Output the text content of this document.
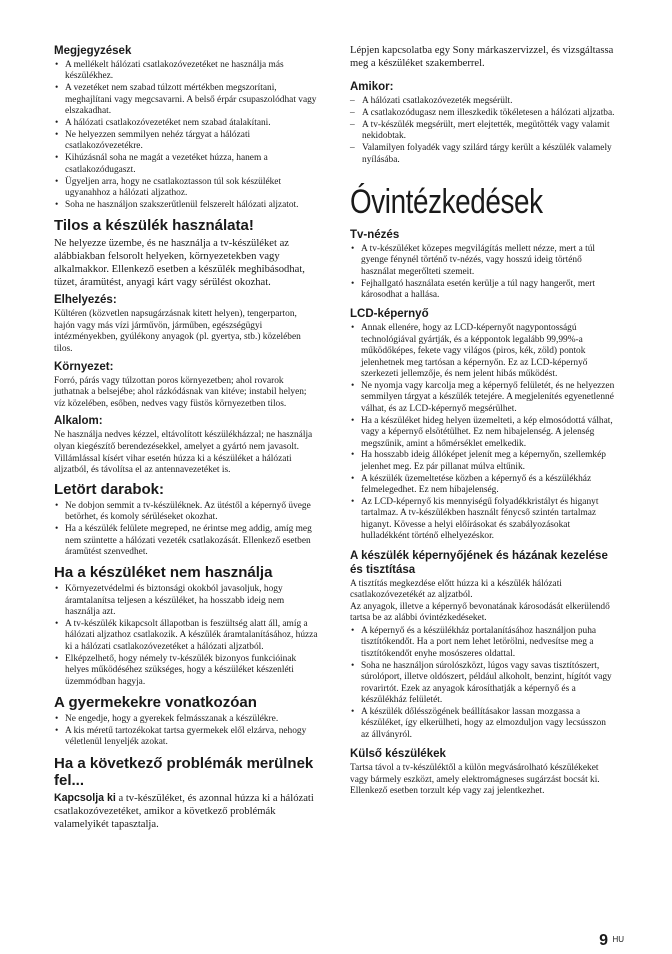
Megjegyzések
• A mellékelt hálózati csatlakozóvezetéket ne használja más készülékhez.
• A vezetéket nem szabad túlzott mértékben megszorítani, meghajlítani vagy megcsavarni. A belső érpár csupaszolódhat vagy elszakadhat.
• A hálózati csatlakozóvezetéket nem szabad átalakítani.
• Ne helyezzen semmilyen nehéz tárgyat a hálózati csatlakozóvezetékre.
• Kihúzásnál soha ne magát a vezetéket húzza, hanem a csatlakozódugaszt.
• Ügyeljen arra, hogy ne csatlakoztasson túl sok készüléket ugyanahhoz a hálózati aljzathoz.
• Soha ne használjon szakszerűtlenül felszerelt hálózati aljzatot.
Tilos a készülék használata!

Ne helyezze üzembe, és ne használja a tv-készüléket az alábbiakban felsorolt helyeken, környezetekben vagy alkalmakkor. Ellenkező esetben a készülék meghibásodhat, tüzet, áramütést, anyagi kárt vagy sérülést okozhat.

Elhelyezés:

Kültéren (közvetlen napsugárzásnak kitett helyen), tengerparton, hajón vagy más vízi járművön, járműben, egészségügyi intézményekben, gyúlékony anyagok (pl. gyertya, stb.) közelében tilos.

Környezet:

Forró, párás vagy túlzottan poros környezetben; ahol rovarok juthatnak a belsejébe; ahol rázkódásnak van kitéve; instabil helyen; víz közelében, esőben, nedves vagy füstös környezetben tilos.

Alkalom:

Ne használja nedves kézzel, eltávolított készülékházzal; ne használja olyan kiegészítő berendezésekkel, amelyet a gyártó nem javasolt. Villámlással kísért vihar esetén húzza ki a készüléket a hálózati aljzatból, és távolítsa el az antennavezetéket is.

Letört darabok:
• Ne dobjon semmit a tv-készüléknek. Az ütéstől a képernyő üvege betörhet, és komoly sérüléseket okozhat.
• Ha a készülék felülete megreped, ne érintse meg addig, amíg meg nem szüntette a hálózati vezeték csatlakozását. Ellenkező esetben áramütést szenvedhet.
Ha a készüléket nem használja
• Környezetvédelmi és biztonsági okokból javasoljuk, hogy áramtalanítsa teljesen a készüléket, ha hosszabb ideig nem használja azt.
• A tv-készülék kikapcsolt állapotban is feszültség alatt áll, amíg a hálózati aljzathoz csatlakozik. A készülék áramtalanításához, húzza ki a hálózati csatlakozóvezetéket a hálózati aljzatból.
• Elképzelhető, hogy némely tv-készülék bizonyos funkcióinak helyes működéséhez szükséges, hogy a készüléket készenléti üzemmódban hagyja.
A gyermekekre vonatkozóan
• Ne engedje, hogy a gyerekek felmásszanak a készülékre.
• A kis méretű tartozékokat tartsa gyermekek elől elzárva, nehogy véletlenül lenyeljék azokat.
Ha a következő problémák merülnek fel...

Kapcsolja ki a tv-készüléket, és azonnal húzza ki a hálózati csatlakozóvezetéket, amikor a következő problémák valamelyikét tapasztalja.

Lépjen kapcsolatba egy Sony márkaszervizzel, és vizsgáltassa meg a készüléket szakemberrel.

Amikor:
– A hálózati csatlakozóvezeték megsérült.
– A csatlakozódugasz nem illeszkedik tökéletesen a hálózati aljzatba.
– A tv-készülék megsérült, mert elejtették, megütötték vagy valamit nekidobtak.
– Valamilyen folyadék vagy szilárd tárgy került a készülék valamely nyílásába.
Óvintézkedések
Tv-nézés
• A tv-készüléket közepes megvilágítás mellett nézze, mert a túl gyenge fénynél történő tv-nézés, vagy hosszú ideig történő használat megerőlteti szemeit.
• Fejhallgató használata esetén kerülje a túl nagy hangerőt, mert károsodhat a hallása.
LCD-képernyő
• Annak ellenére, hogy az LCD-képernyőt nagypontosságú technológiával gyártják, és a képpontok legalább 99,99%-a működőképes, fekete vagy világos (piros, kék, zöld) pontok jelenhetnek meg tartósan a képernyőn. Ez az LCD-képernyő szerkezeti jellemzője, és nem jelent hibás működést.
• Ne nyomja vagy karcolja meg a képernyő felületét, és ne helyezzen semmilyen tárgyat a készülék tetejére. A megjelenítés egyenetlenné válhat, és az LCD-képernyő megsérülhet.
• Ha a készüléket hideg helyen üzemelteti, a kép elmosódottá válhat, vagy a képernyő elsötétülhet. Ez nem hibajelenség. A jelenség megszűnik, amint a hőmérséklet emelkedik.
• Ha hosszabb ideig állóképet jelenít meg a képernyőn, szellemkép jelenhet meg. Ez pár pillanat múlva eltűnik.
• A készülék üzemeltetése közben a képernyő és a készülékház felmelegedhet. Ez nem hibajelenség.
• Az LCD-képernyő kis mennyiségű folyadékkristályt és higanyt tartalmaz. A tv-készülékben használt fénycső szintén tartalmaz higanyt. Kövesse a helyi előírásokat és szabályozásokat hulladékként történő elhelyezéskor.
A készülék képernyőjének és házának kezelése és tisztítása

A tisztítás megkezdése előtt húzza ki a készülék hálózati csatlakozóvezetékét az aljzatból.

Az anyagok, illetve a képernyő bevonatának károsodását elkerülendő tartsa be az alábbi óvintézkedéseket.

• A képernyő és a készülékház portalanításához használjon puha tisztítókendőt. Ha a port nem lehet letörölni, nedvesítse meg a tisztítókendőt enyhe mosószeres oldattal.
• Soha ne használjon súrolószközt, lúgos vagy savas tisztítószert, súrolóport, illetve oldószert, például alkoholt, benzint, hígítót vagy rovarirtót. Ezek az anyagok károsíthatják a képernyő és a készülékház felületét.
• A készülék dőlésszögének beállításakor lassan mozgassa a készüléket, így elkerülheti, hogy az elmozduljon vagy lecsússzon az állványról.
Külső készülékek

Tartsa távol a tv-készüléktől a külön megvásárolható készülékeket vagy bármely eszközt, amely elektromágneses sugárzást bocsát ki. Ellenkező esetben torzult kép vagy zaj jelentkezhet.

9 $^{HU}$
